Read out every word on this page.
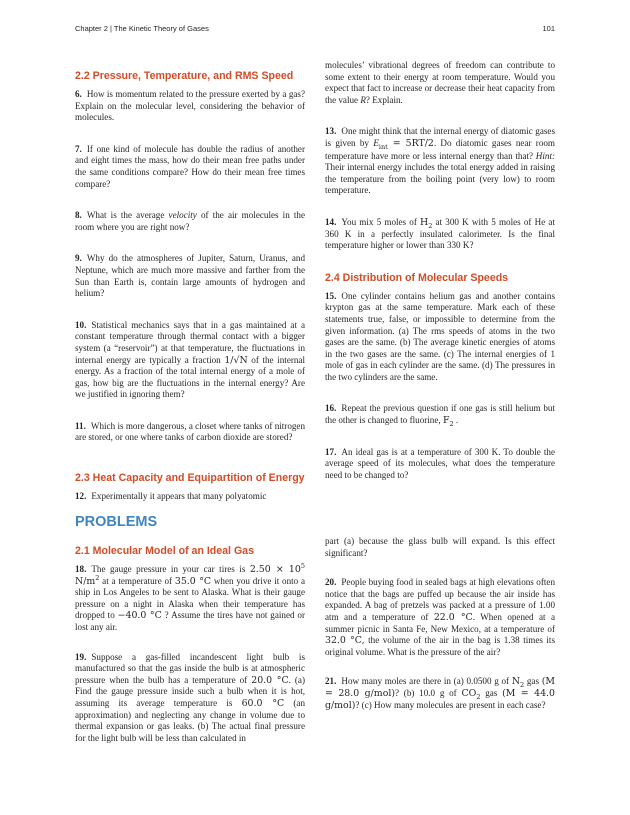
Chapter 2 | The Kinetic Theory of Gases	101
2.2 Pressure, Temperature, and RMS Speed

6. How is momentum related to the pressure exerted by a gas? Explain on the molecular level, considering the behavior of molecules.

7. If one kind of molecule has double the radius of another and eight times the mass, how do their mean free paths under the same conditions compare? How do their mean free times compare?

8. What is the average velocity of the air molecules in the room where you are right now?

9. Why do the atmospheres of Jupiter, Saturn, Uranus, and Neptune, which are much more massive and farther from the Sun than Earth is, contain large amounts of hydrogen and helium?

10. Statistical mechanics says that in a gas maintained at a constant temperature through thermal contact with a bigger system (a “reservoir”) at that temperature, the fluctuations in internal energy are typically a fraction 1/√N of the internal energy. As a fraction of the total internal energy of a mole of gas, how big are the fluctuations in the internal energy? Are we justified in ignoring them?

11. Which is more dangerous, a closet where tanks of nitrogen are stored, or one where tanks of carbon dioxide are stored?

2.3 Heat Capacity and Equipartition of Energy

12. Experimentally it appears that many polyatomic

molecules’ vibrational degrees of freedom can contribute to some extent to their energy at room temperature. Would you expect that fact to increase or decrease their heat capacity from the value R? Explain.

13. One might think that the internal energy of diatomic gases is given by $E_{int} = 5RT/2$. Do diatomic gases near room temperature have more or less internal energy than that? Hint: Their internal energy includes the total energy added in raising the temperature from the boiling point (very low) to room temperature.

14. You mix 5 moles of $H_2$ at 300 K with 5 moles of He at 360 K in a perfectly insulated calorimeter. Is the final temperature higher or lower than 330 K?

2.4 Distribution of Molecular Speeds

15. One cylinder contains helium gas and another contains krypton gas at the same temperature. Mark each of these statements true, false, or impossible to determine from the given information. (a) The rms speeds of atoms in the two gases are the same. (b) The average kinetic energies of atoms in the two gases are the same. (c) The internal energies of 1 mole of gas in each cylinder are the same. (d) The pressures in the two cylinders are the same.

16. Repeat the previous question if one gas is still helium but the other is changed to fluorine, $F_2$ .

17. An ideal gas is at a temperature of 300 K. To double the average speed of its molecules, what does the temperature need to be changed to?

PROBLEMS
2.1 Molecular Model of an Ideal Gas

18. The gauge pressure in your car tires is $2.50 \times 10^5$ $N/m^2$ at a temperature of 35.0 °C when you drive it onto a ship in Los Angeles to be sent to Alaska. What is their gauge pressure on a night in Alaska when their temperature has dropped to −40.0 °C ? Assume the tires have not gained or lost any air.

19. Suppose a gas-filled incandescent light bulb is manufactured so that the gas inside the bulb is at atmospheric pressure when the bulb has a temperature of 20.0 °C. (a) Find the gauge pressure inside such a bulb when it is hot, assuming its average temperature is 60.0 °C (an approximation) and neglecting any change in volume due to thermal expansion or gas leaks. (b) The actual final pressure for the light bulb will be less than calculated in

part (a) because the glass bulb will expand. Is this effect significant?

20. People buying food in sealed bags at high elevations often notice that the bags are puffed up because the air inside has expanded. A bag of pretzels was packed at a pressure of 1.00 atm and a temperature of 22.0 °C. When opened at a summer picnic in Santa Fe, New Mexico, at a temperature of 32.0 °C, the volume of the air in the bag is 1.38 times its original volume. What is the pressure of the air?

21. How many moles are there in (a) 0.0500 g of $N_2$ gas (M = 28.0 g/mol)? (b) 10.0 g of $CO_2$ gas (M = 44.0 g/mol)? (c) How many molecules are present in each case?
